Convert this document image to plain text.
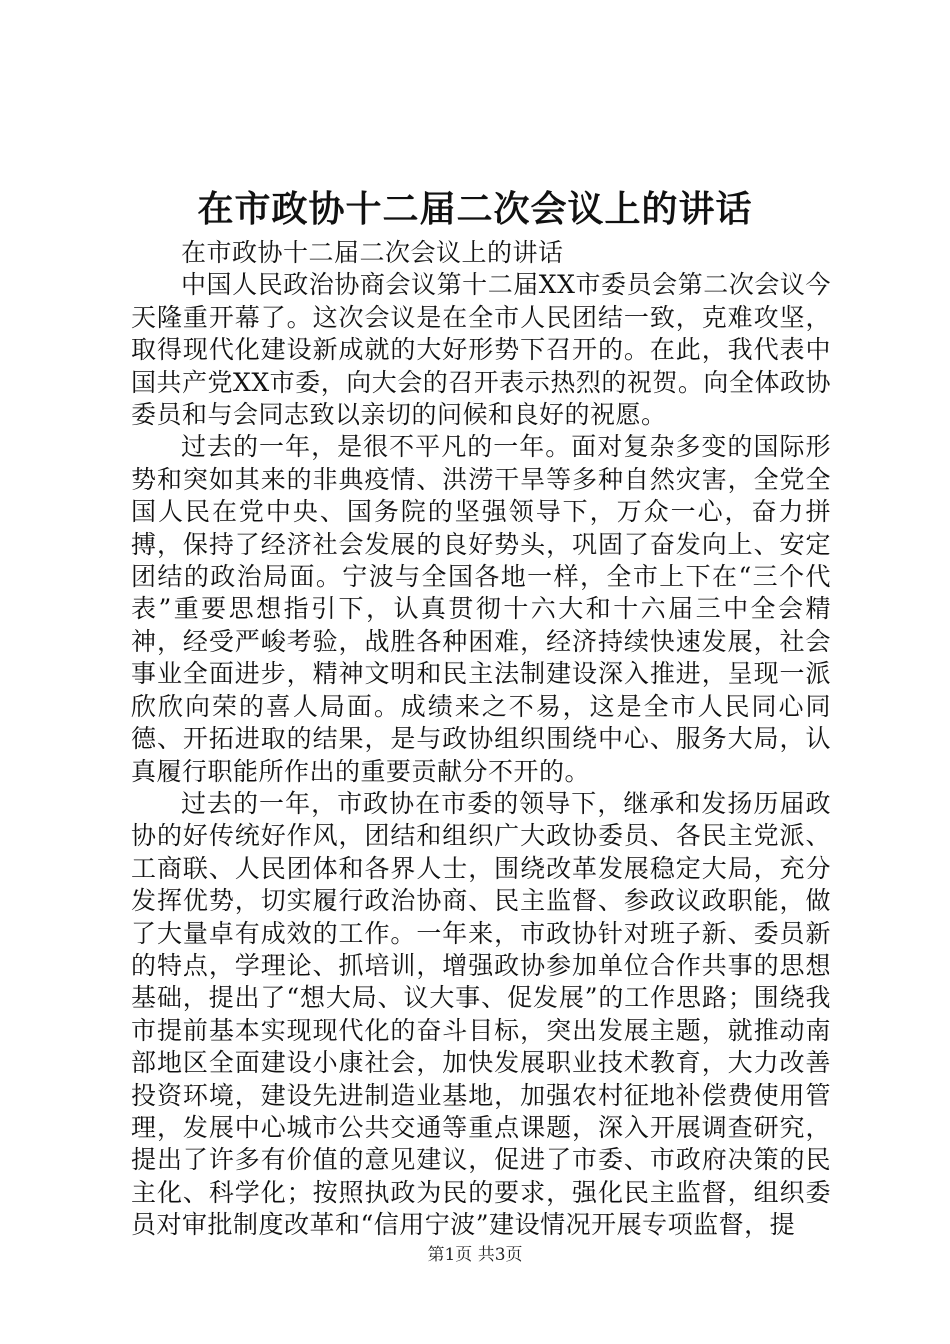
在市政协十二届二次会议上的讲话

在市政协十二届二次会议上的讲话

中国人民政治协商会议第十二届XX市委员会第二次会议今天隆重开幕了。这次会议是在全市人民团结一致，克难攻坚，取得现代化建设新成就的大好形势下召开的。在此，我代表中国共产党XX市委，向大会的召开表示热烈的祝贺。向全体政协委员和与会同志致以亲切的问候和良好的祝愿。

过去的一年，是很不平凡的一年。面对复杂多变的国际形势和突如其来的非典疫情、洪涝干旱等多种自然灾害，全党全国人民在党中央、国务院的坚强领导下，万众一心，奋力拼搏，保持了经济社会发展的良好势头，巩固了奋发向上、安定团结的政治局面。宁波与全国各地一样，全市上下在“三个代表”重要思想指引下，认真贯彻十六大和十六届三中全会精神，经受严峻考验，战胜各种困难，经济持续快速发展，社会事业全面进步，精神文明和民主法制建设深入推进，呈现一派欣欣向荣的喜人局面。成绩来之不易，这是全市人民同心同德、开拓进取的结果，是与政协组织围绕中心、服务大局，认真履行职能所作出的重要贡献分不开的。

过去的一年，市政协在市委的领导下，继承和发扬历届政协的好传统好作风，团结和组织广大政协委员、各民主党派、工商联、人民团体和各界人士，围绕改革发展稳定大局，充分发挥优势，切实履行政治协商、民主监督、参政议政职能，做了大量卓有成效的工作。一年来，市政协针对班子新、委员新的特点，学理论、抓培训，增强政协参加单位合作共事的思想基础，提出了“想大局、议大事、促发展”的工作思路；围绕我市提前基本实现现代化的奋斗目标，突出发展主题，就推动南部地区全面建设小康社会，加快发展职业技术教育，大力改善投资环境，建设先进制造业基地，加强农村征地补偿费使用管理，发展中心城市公共交通等重点课题，深入开展调查研究，提出了许多有价值的意见建议，促进了市委、市政府决策的民主化、科学化；按照执政为民的要求，强化民主监督，组织委员对审批制度改革和“信用宁波”建设情况开展专项监督，提

第1页 共3页
